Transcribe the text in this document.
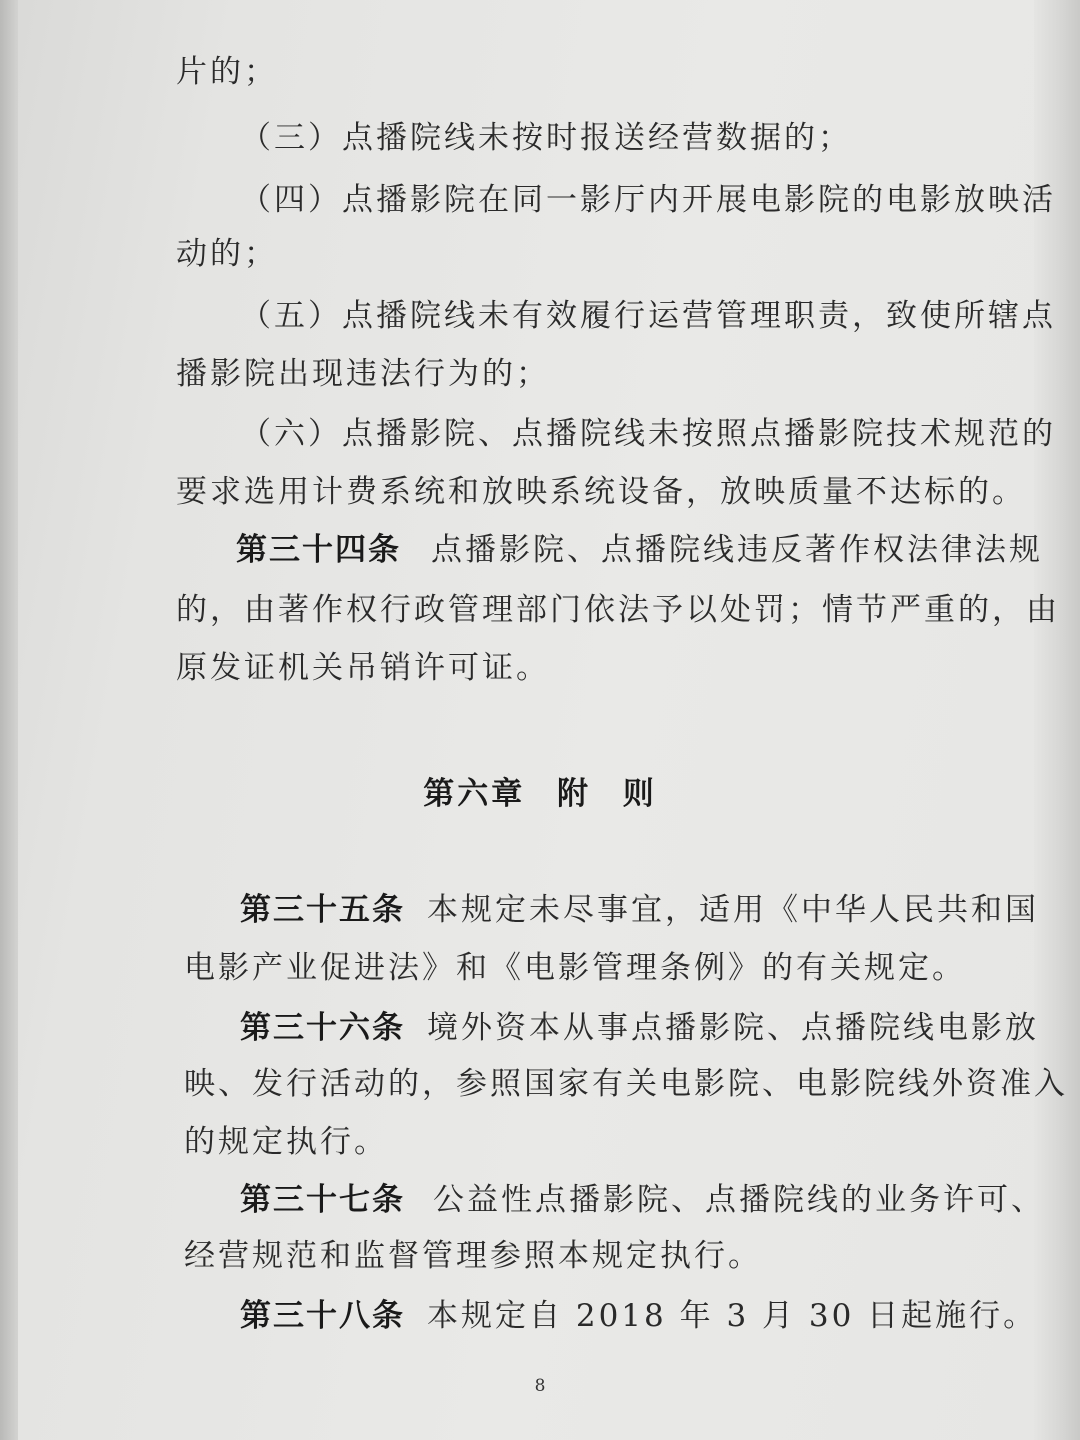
片的；
（三）点播院线未按时报送经营数据的；
（四）点播影院在同一影厅内开展电影院的电影放映活
动的；
（五）点播院线未有效履行运营管理职责，致使所辖点
播影院出现违法行为的；
（六）点播影院、点播院线未按照点播影院技术规范的
要求选用计费系统和放映系统设备，放映质量不达标的。
第三十四条 点播影院、点播院线违反著作权法律法规
的，由著作权行政管理部门依法予以处罚；情节严重的，由
原发证机关吊销许可证。
第六章 附 则
第三十五条 本规定未尽事宜，适用《中华人民共和国
电影产业促进法》和《电影管理条例》的有关规定。
第三十六条 境外资本从事点播影院、点播院线电影放
映、发行活动的，参照国家有关电影院、电影院线外资准入
的规定执行。
第三十七条 公益性点播影院、点播院线的业务许可、
经营规范和监督管理参照本规定执行。
第三十八条 本规定自 2018 年 3 月 30 日起施行。
8
